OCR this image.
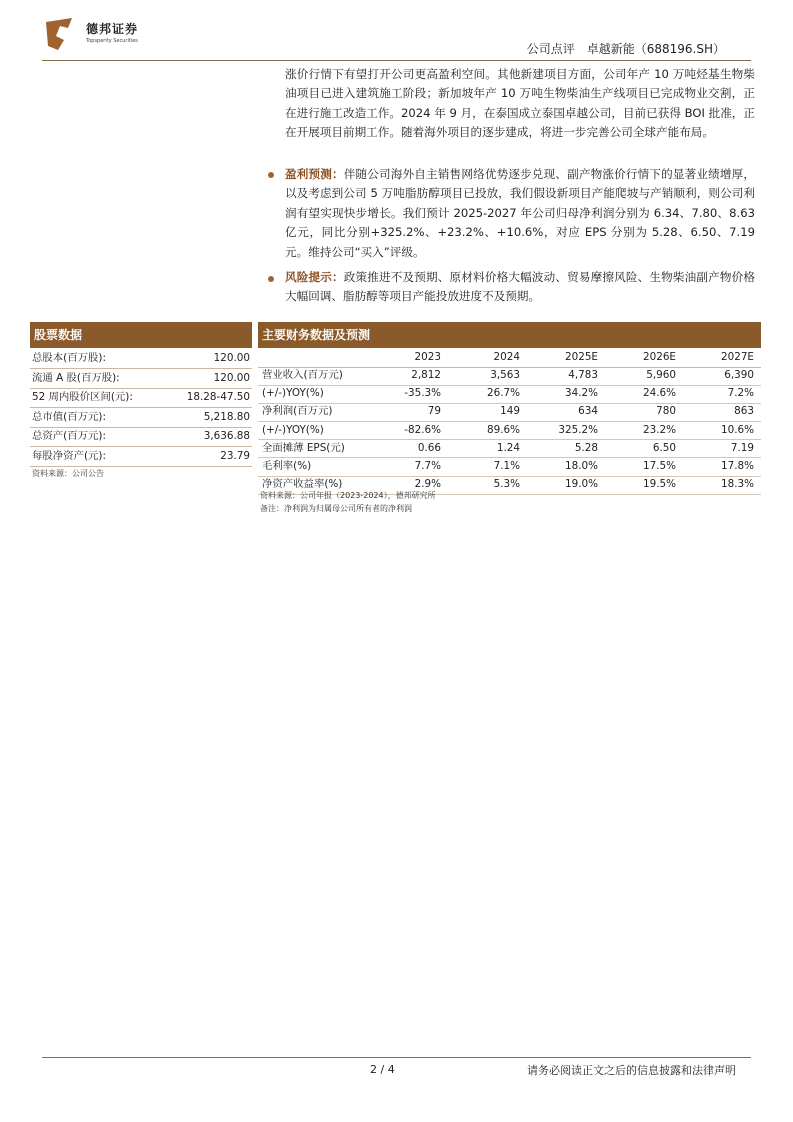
德邦证券
Topsperity Securities
公司点评　卓越新能（688196.SH）
涨价行情下有望打开公司更高盈利空间。其他新建项目方面，公司年产 10 万吨烃基生物柴油项目已进入建筑施工阶段；新加坡年产 10 万吨生物柴油生产线项目已完成物业交割，正在进行施工改造工作。2024 年 9 月，在泰国成立泰国卓越公司，目前已获得 BOI 批准，正在开展项目前期工作。随着海外项目的逐步建成，将进一步完善公司全球产能布局。
盈利预测：伴随公司海外自主销售网络优势逐步兑现、副产物涨价行情下的显著业绩增厚，以及考虑到公司 5 万吨脂肪醇项目已投放，我们假设新项目产能爬坡与产销顺利，则公司利润有望实现快步增长。我们预计 2025-2027 年公司归母净利润分别为 6.34、7.80、8.63 亿元，同比分别+325.2%、+23.2%、+10.6%，对应 EPS 分别为 5.28、6.50、7.19 元。维持公司“买入”评级。
风险提示：政策推进不及预期、原材料价格大幅波动、贸易摩擦风险、生物柴油副产物价格大幅回调、脂肪醇等项目产能投放进度不及预期。
股票数据
总股本(百万股):	120.00
流通 A 股(百万股):	120.00
52 周内股价区间(元):	18.28-47.50
总市值(百万元):	5,218.80
总资产(百万元):	3,636.88
每股净资产(元):	23.79
资料来源：公司公告
主要财务数据及预测
2023	2024	2025E	2026E	2027E
营业收入(百万元)	2,812	3,563	4,783	5,960	6,390
(+/-)YOY(%)	-35.3%	26.7%	34.2%	24.6%	7.2%
净利润(百万元)	79	149	634	780	863
(+/-)YOY(%)	-82.6%	89.6%	325.2%	23.2%	10.6%
全面摊薄 EPS(元)	0.66	1.24	5.28	6.50	7.19
毛利率(%)	7.7%	7.1%	18.0%	17.5%	17.8%
净资产收益率(%)	2.9%	5.3%	19.0%	19.5%	18.3%
资料来源：公司年报（2023-2024），德邦研究所
备注：净利润为归属母公司所有者的净利润
2 / 4	请务必阅读正文之后的信息披露和法律声明
